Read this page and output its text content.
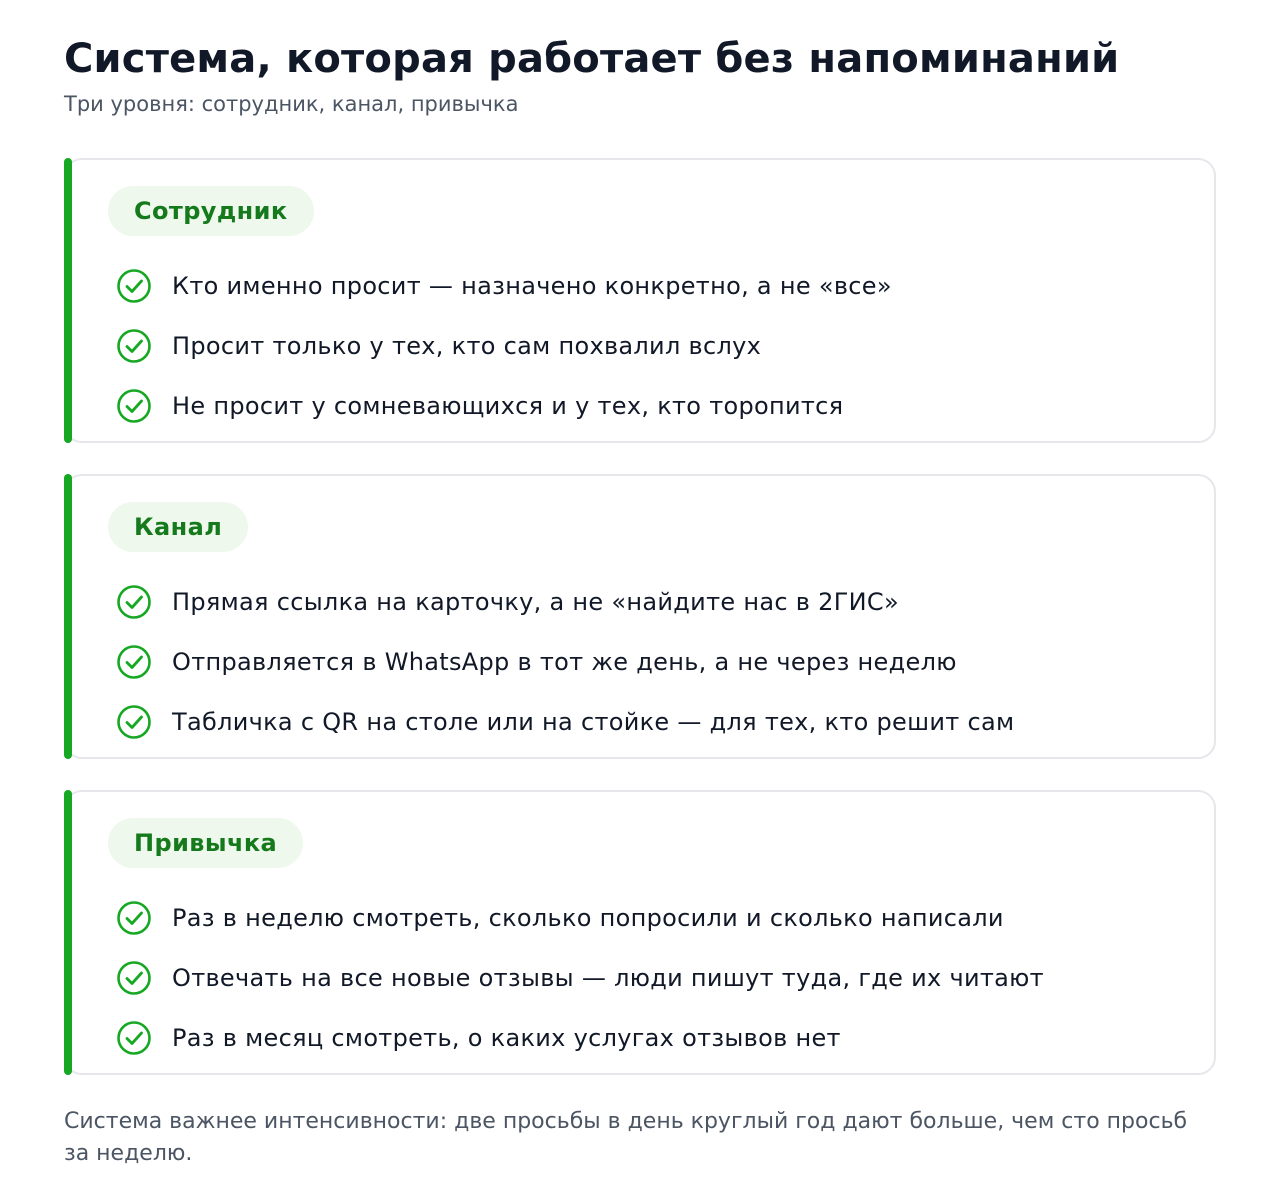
Система, которая работает без напоминаний
Три уровня: сотрудник, канал, привычка
Сотрудник
Кто именно просит — назначено конкретно, а не «все»
Просит только у тех, кто сам похвалил вслух
Не просит у сомневающихся и у тех, кто торопится
Канал
Прямая ссылка на карточку, а не «найдите нас в 2ГИС»
Отправляется в WhatsApp в тот же день, а не через неделю
Табличка с QR на столе или на стойке — для тех, кто решит сам
Привычка
Раз в неделю смотреть, сколько попросили и сколько написали
Отвечать на все новые отзывы — люди пишут туда, где их читают
Раз в месяц смотреть, о каких услугах отзывов нет

Система важнее интенсивности: две просьбы в день круглый год дают больше, чем сто просьб за неделю.
